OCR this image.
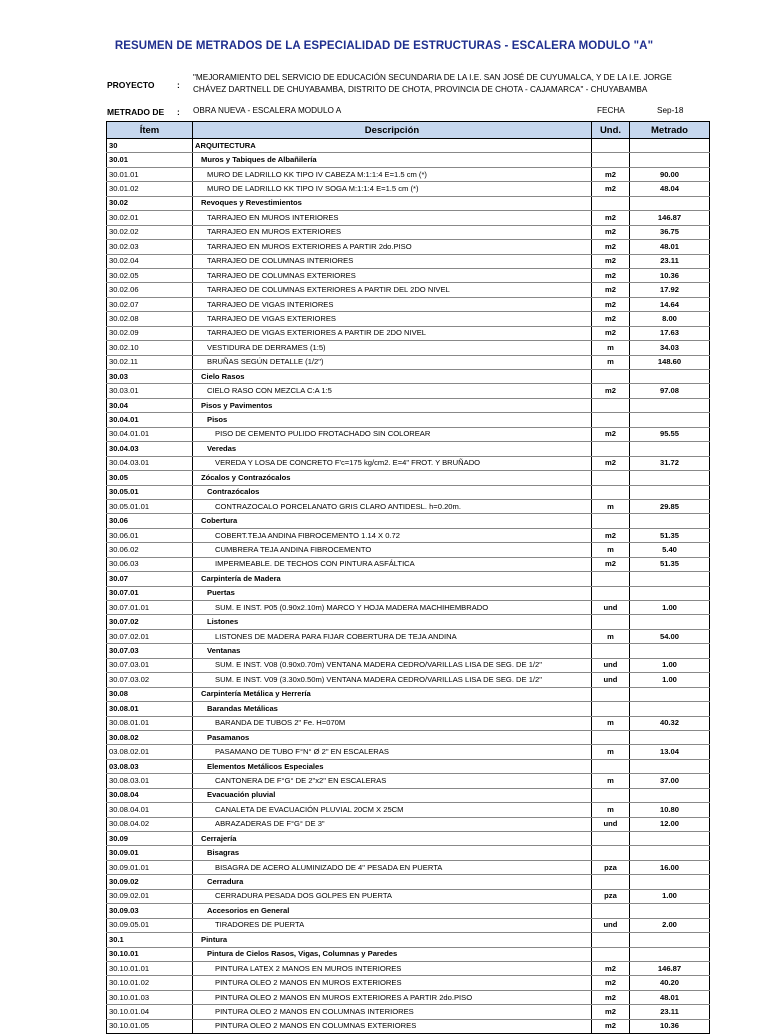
RESUMEN DE METRADOS DE LA ESPECIALIDAD DE ESTRUCTURAS - ESCALERA MODULO "A"
PROYECTO	:
"MEJORAMIENTO DEL SERVICIO DE EDUCACIÓN SECUNDARIA DE LA I.E. SAN JOSÉ DE CUYUMALCA, Y DE LA I.E. JORGE
CHÁVEZ DARTNELL DE CHUYABAMBA, DISTRITO DE CHOTA, PROVINCIA DE CHOTA - CAJAMARCA" - CHUYABAMBA
METRADO DE : OBRA NUEVA - ESCALERA MODULO A	FECHA	Sep-18
Ítem	Descripción	Und.	Metrado
30	ARQUITECTURA		
30.01	Muros y Tabiques de Albañilería		
30.01.01	MURO DE LADRILLO KK TIPO IV CABEZA M:1:1:4 E=1.5 cm (*)	m2	90.00
30.01.02	MURO DE LADRILLO KK TIPO IV SOGA M:1:1:4 E=1.5 cm (*)	m2	48.04
30.02	Revoques y Revestimientos		
30.02.01	TARRAJEO EN MUROS INTERIORES	m2	146.87
30.02.02	TARRAJEO EN MUROS EXTERIORES	m2	36.75
30.02.03	TARRAJEO EN MUROS EXTERIORES A PARTIR 2do.PISO	m2	48.01
30.02.04	TARRAJEO DE COLUMNAS INTERIORES	m2	23.11
30.02.05	TARRAJEO DE COLUMNAS EXTERIORES	m2	10.36
30.02.06	TARRAJEO DE COLUMNAS EXTERIORES A PARTIR DEL 2DO NIVEL	m2	17.92
30.02.07	TARRAJEO DE VIGAS INTERIORES	m2	14.64
30.02.08	TARRAJEO DE VIGAS EXTERIORES	m2	8.00
30.02.09	TARRAJEO DE VIGAS EXTERIORES A PARTIR DE 2DO NIVEL	m2	17.63
30.02.10	VESTIDURA DE DERRAMES (1:5)	m	34.03
30.02.11	BRUÑAS SEGÚN DETALLE (1/2")	m	148.60
30.03	Cielo Rasos		
30.03.01	CIELO RASO CON MEZCLA C:A 1:5	m2	97.08
30.04	Pisos y Pavimentos		
30.04.01	Pisos		
30.04.01.01	PISO DE CEMENTO PULIDO FROTACHADO SIN COLOREAR	m2	95.55
30.04.03	Veredas		
30.04.03.01	VEREDA Y LOSA DE CONCRETO F'c=175 kg/cm2. E=4" FROT. Y BRUÑADO	m2	31.72
30.05	Zócalos y Contrazócalos		
30.05.01	Contrazócalos		
30.05.01.01	CONTRAZOCALO PORCELANATO GRIS CLARO ANTIDESL. h=0.20m.	m	29.85
30.06	Cobertura		
30.06.01	COBERT.TEJA ANDINA FIBROCEMENTO 1.14 X 0.72	m2	51.35
30.06.02	CUMBRERA TEJA ANDINA FIBROCEMENTO	m	5.40
30.06.03	IMPERMEABLE. DE TECHOS CON PINTURA ASFÁLTICA	m2	51.35
30.07	Carpintería de Madera		
30.07.01	Puertas		
30.07.01.01	SUM. E INST. P05 (0.90x2.10m) MARCO Y HOJA MADERA MACHIHEMBRADO	und	1.00
30.07.02	Listones		
30.07.02.01	LISTONES DE MADERA PARA FIJAR COBERTURA DE TEJA ANDINA	m	54.00
30.07.03	Ventanas		
30.07.03.01	SUM. E INST. V08 (0.90x0.70m) VENTANA MADERA CEDRO/VARILLAS LISA DE SEG. DE 1/2"	und	1.00
30.07.03.02	SUM. E INST. V09 (3.30x0.50m) VENTANA MADERA CEDRO/VARILLAS LISA DE SEG. DE 1/2"	und	1.00
30.08	Carpintería Metálica y Herrería		
30.08.01	Barandas Metálicas		
30.08.01.01	BARANDA DE TUBOS 2" Fe. H=070M	m	40.32
30.08.02	Pasamanos		
03.08.02.01	PASAMANO DE TUBO F°N° Ø 2" EN ESCALERAS	m	13.04
03.08.03	Elementos Metálicos Especiales		
30.08.03.01	CANTONERA DE F°G° DE 2"x2" EN ESCALERAS	m	37.00
30.08.04	Evacuación pluvial		
30.08.04.01	CANALETA DE EVACUACIÓN PLUVIAL 20CM X 25CM	m	10.80
30.08.04.02	ABRAZADERAS DE F°G° DE 3"	und	12.00
30.09	Cerrajería		
30.09.01	Bisagras		
30.09.01.01	BISAGRA DE ACERO ALUMINIZADO DE 4" PESADA EN PUERTA	pza	16.00
30.09.02	Cerradura		
30.09.02.01	CERRADURA PESADA DOS GOLPES EN PUERTA	pza	1.00
30.09.03	Accesorios en General		
30.09.05.01	TIRADORES DE PUERTA	und	2.00
30.1	Pintura		
30.10.01	Pintura de Cielos Rasos, Vigas, Columnas y Paredes		
30.10.01.01	PINTURA LATEX 2 MANOS EN MUROS INTERIORES	m2	146.87
30.10.01.02	PINTURA OLEO 2 MANOS EN MUROS EXTERIORES	m2	40.20
30.10.01.03	PINTURA OLEO 2 MANOS EN MUROS EXTERIORES A PARTIR 2do.PISO	m2	48.01
30.10.01.04	PINTURA OLEO 2 MANOS EN COLUMNAS INTERIORES	m2	23.11
30.10.01.05	PINTURA OLEO 2 MANOS EN COLUMNAS EXTERIORES	m2	10.36
